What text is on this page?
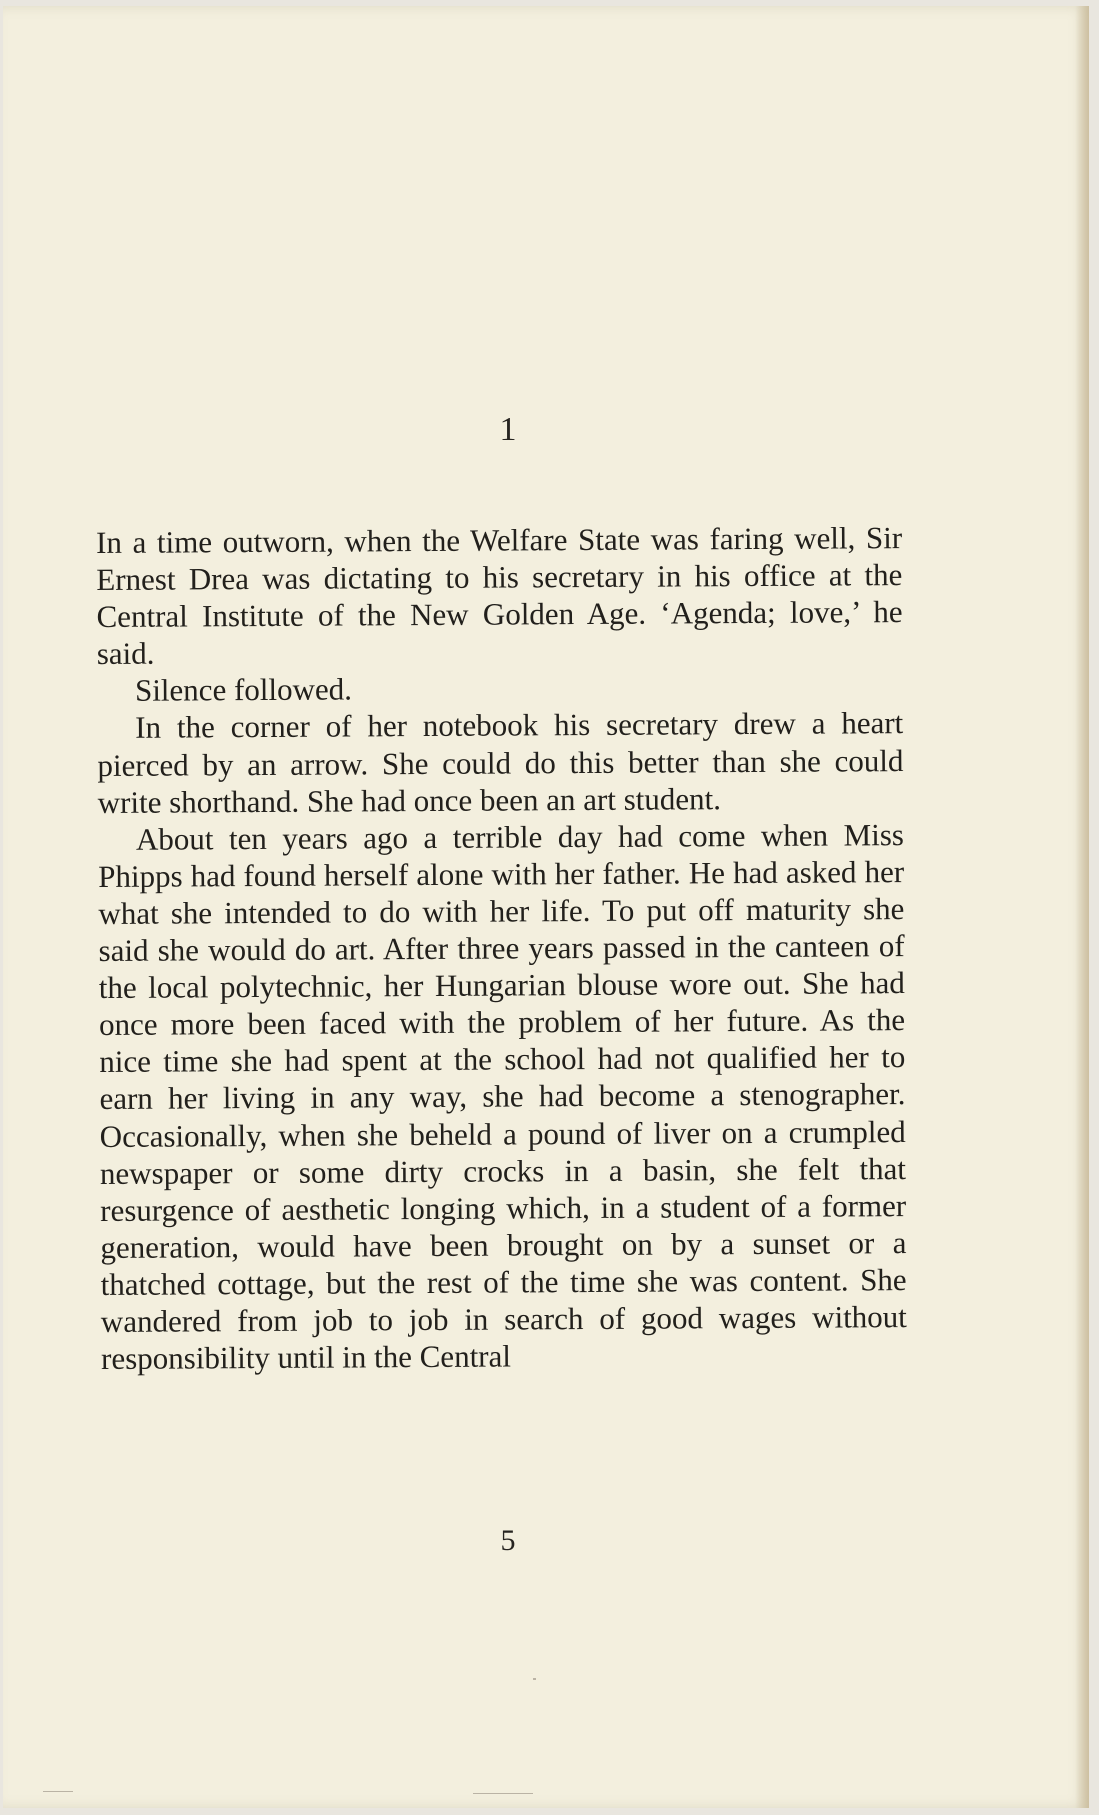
1

In a time outworn, when the Welfare State was faring well, Sir Ernest Drea was dictating to his secretary in his office at the Central Institute of the New Golden Age. ‘Agenda; love,’ he said.

Silence followed.

In the corner of her notebook his secretary drew a heart pierced by an arrow. She could do this better than she could write shorthand. She had once been an art student.

About ten years ago a terrible day had come when Miss Phipps had found herself alone with her father. He had asked her what she intended to do with her life. To put off maturity she said she would do art. After three years passed in the canteen of the local polytechnic, her Hungarian blouse wore out. She had once more been faced with the problem of her future. As the nice time she had spent at the school had not qualified her to earn her living in any way, she had become a stenographer. Occasionally, when she beheld a pound of liver on a crumpled newspaper or some dirty crocks in a basin, she felt that resurgence of aesthetic longing which, in a student of a former generation, would have been brought on by a sunset or a thatched cottage, but the rest of the time she was content. She wandered from job to job in search of good wages without responsibility until in the Central

5
